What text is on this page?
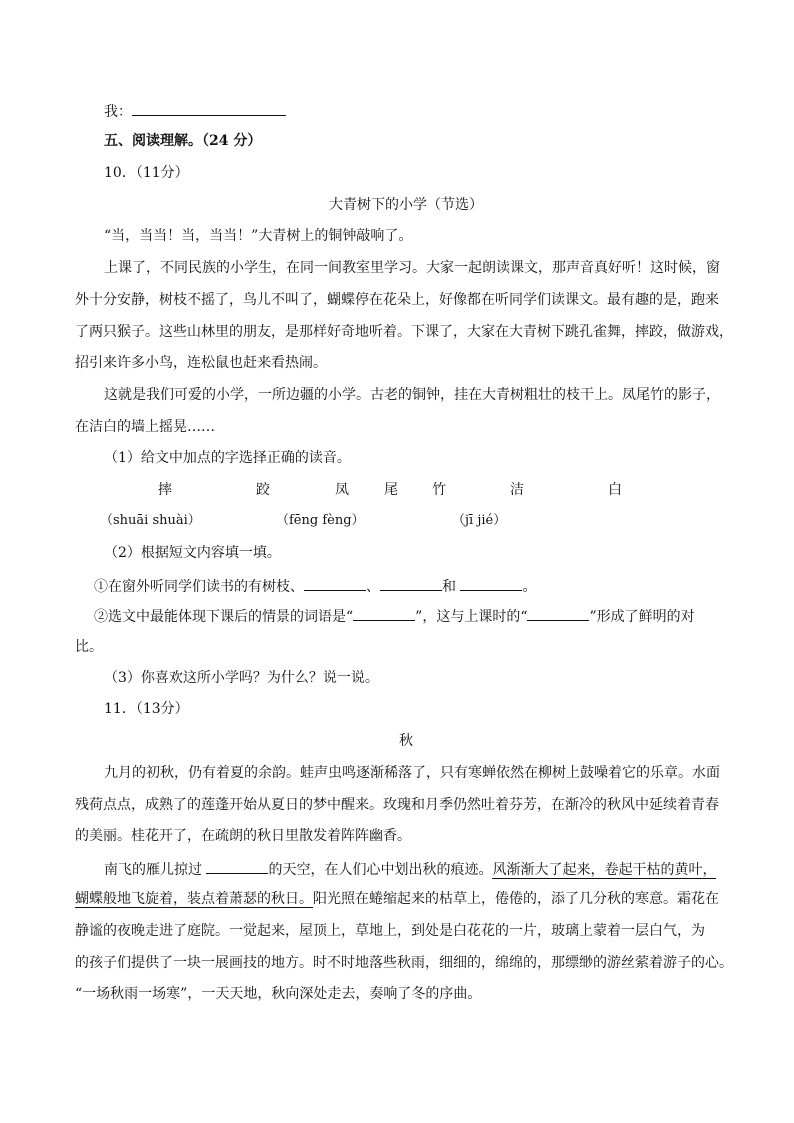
我：
五、阅读理解。（24 分）
10．（11分）
大青树下的小学（节选）
“当，当当！当，当当！”大青树上的铜钟敲响了。
上课了，不同民族的小学生，在同一间教室里学习。大家一起朗读课文，那声音真好听！这时候，窗
外十分安静，树枝不摇了，鸟儿不叫了，蝴蝶停在花朵上，好像都在听同学们读课文。最有趣的是，跑来
了两只猴子。这些山林里的朋友，是那样好奇地听着。下课了，大家在大青树下跳孔雀舞，摔跤，做游戏，
招引来许多小鸟，连松鼠也赶来看热闹。
这就是我们可爱的小学，一所边疆的小学。古老的铜钟，挂在大青树粗壮的枝干上。凤尾竹的影子，
在洁白的墙上摇晃……
（1）给文中加点的字选择正确的读音。
摔	跤	凤	尾 竹	洁	白
（shuāi shuài）	（fēng fèng）	（jī jié）
（2）根据短文内容填一填。
①在窗外听同学们读书的有树枝、	、	和	。
②选文中最能体现下课后的情景的词语是“	”，这与上课时的“	”形成了鲜明的对
比。
（3）你喜欢这所小学吗？为什么？说一说。
11．（13分）
秋
九月的初秋，仍有着夏的余韵。蛙声虫鸣逐渐稀落了，只有寒蝉依然在柳树上鼓噪着它的乐章。水面
残荷点点，成熟了的莲蓬开始从夏日的梦中醒来。玫瑰和月季仍然吐着芬芳，在渐冷的秋风中延续着青春
的美丽。桂花开了，在疏朗的秋日里散发着阵阵幽香。
南飞的雁儿掠过	的天空，在人们心中划出秋的痕迹。风渐渐大了起来，卷起干枯的黄叶，
蝴蝶般地飞旋着，装点着萧瑟的秋日。阳光照在蜷缩起来的枯草上，倦倦的，添了几分秋的寒意。霜花在
静谧的夜晚走进了庭院。一觉起来，屋顶上，草地上，到处是白花花的一片，玻璃上蒙着一层白气，为
的孩子们提供了一块一展画技的地方。时不时地落些秋雨，细细的，绵绵的，那缥缈的游丝萦着游子的心。
“一场秋雨一场寒”，一天天地，秋向深处走去，奏响了冬的序曲。
